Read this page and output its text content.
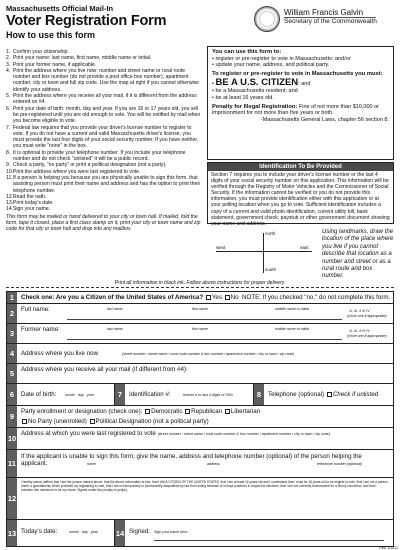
Massachusetts Official Mail-In
Voter Registration Form
How to use this form
William Francis Galvin
Secretary of the Commonwealth
1. Confirm your citizenship.
2. Print your name: last name, first name, middle name or initial.
3. Print your former name, if applicable.
4. Print the address where you live now: number and street name or rural route number and box number (do not provide a post office box number), apartment number, city or town and full zip code. Use the map at right if you cannot otherwise identify your address.
5. Print the address where you receive all your mail, if it is different from the address entered on #4.
6. Print your date of birth: month, day and year. If you are 16 or 17 years old, you will be pre-registered until you are old enough to vote. You will be notified by mail when you become eligible to vote.
7. Federal law requires that you provide your driver's license number to register to vote. If you do not have a current and valid Massachusetts driver's license, you must provide the last four digits of your social security number. If you have neither, you must write "none" in the box.
8. It is optional to provide your telephone number. If you include your telephone number and do not check "unlisted" it will be a public record.
9. Check a party, "no party" or print a political designation (not a party).
10. Print the address where you were last registered to vote.
11. If a person is helping you because you are physically unable to sign this form, that assisting person must print their name and address and has the option to print their telephone number.
12. Read the oath.
13. Print today's date.
14. Sign your name.
This form may be mailed or hand delivered to your city or town hall. If mailed, fold the form, tape it closed, place a first class stamp on it, print your city or town name and zip code for that city or town hall and drop into any mailbox.
You can use this form to:
• register or pre-register to vote in Massachusetts; and/or
• update your name, address, and political party.
To register or pre-register to vote in Massachusetts you must:
• BE A U.S. CITIZEN; and
• be a Massachusetts resident; and
• be at least 16 years old.
Penalty for Illegal Registration: Fine of not more than $10,000 or imprisonment for not more than five years or both.
-Massachusetts General Laws, chapter 56 section 8.
Identification To Be Provided
Section 7 requires you to include your driver's license number or the last 4 digits of your social security number on this application. This information will be verified through the Registry of Motor Vehicles and the Commissioner of Social Security. If the information cannot be verified or you do not provide this information, you must provide identification either with this application or at your polling location when you go to vote. Sufficient identification includes a copy of a current and valid photo identification, current utility bill, bank statement, government check, paystub or other government document showing your name and address.
north
south
east
west
Using landmarks, draw the location of the place where you live if you cannot describe that location as a number and street or as a rural route and box number.
Print all information in black ink. Follow above instructions for proper delivery.
1	Check one: Are you a Citizen of the United States of America? Yes No NOTE: If you checked "no," do not complete this form.
2	Full name:	last name	first name	middle name or initial	Jr. Sr. II III IV
(circle one if appropriate)
3	Former name:	last name	first name	middle name or initial	Jr. Sr. II III IV
(circle one if appropriate)
4	Address where you live now	(street number / street name / rural route number & box number / apartment number / city or town / zip code)
5	Address where you receive all your mail (if different from #4):
6	Date of birth: month   day   year	7	Identification #:	license # or last 4 digits of SSN	8	Telephone (optional) Check if unlisted
9
Party enrollment or designation (check one): Democratic Republican Libertarian
No Party (unenrolled) Political Designation (not a political party)
10
Address at which you were last registered to vote (street number / street name / rural route number & box number / apartment number / city or town / zip code)
11
If the applicant is unable to sign this form, give the name, address and telephone number (optional) of the person helping the applicant.	name	address	telephone number (optional)
12
I hereby swear (affirm) that I am the person named above, that the above information is true, that I AM A CITIZEN OF THE UNITED STATES, that I am at least 16 years old and I understand that I must be 18 years old to be eligible to vote, that I am not a person under a guardianship which prohibits my registering to vote, that I am not temporarily or permanently disqualified by law from voting because of corrupt practices in respect to elections, that I am not currently incarcerated for a felony conviction, and that I consider this residence to be my home. Signed under the penalty of perjury.
13 Today's date:	month   day   year 14 Signed: Sign your name here.
Rev. 1/2022
